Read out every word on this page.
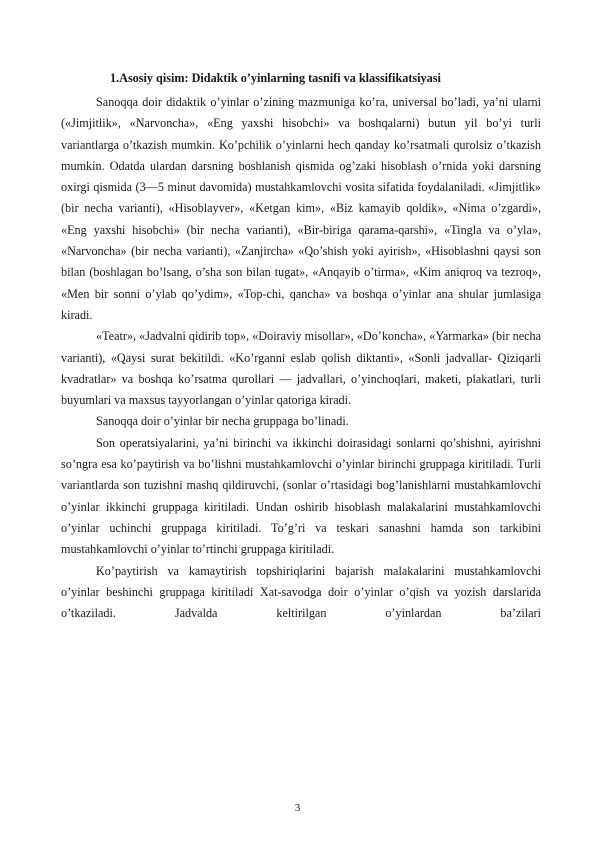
1.Asosiy qisim: Didaktik o’yinlarning tasnifi va klassifikatsiyasi

Sanoqqa doir didaktik o’yinlar o’zining mazmuniga ko’ra, universal bo’ladi, ya’ni ularni («Jimjitlik», «Narvoncha», «Eng yaxshi hisobchi» va boshqalarni) butun yil bo’yi turli variantlarga o’tkazish mumkin. Ko’pchilik o’yinlarni hech qanday ko’rsatmali qurolsiz o’tkazish mumkin. Odatda ulardan darsning boshlanish qismida og’zaki hisoblash o’rnida yoki darsning oxirgi qismida (3—5 minut davomida) mustahkamlovchi vosita sifatida foydalaniladi. «Jimjitlik» (bir necha varianti), «Hisoblayver», «Ketgan kim», «Biz kamayib qoldik», «Nima o’zgardi», «Eng yaxshi hisobchi» (bir necha varianti), «Bir-biriga qarama-qarshi», «Tingla va o’yla», «Narvoncha» (bir necha varianti), «Zanjircha» «Qo’shish yoki ayirish», «Hisoblashni qaysi son bilan (boshlagan bo’lsang, o’sha son bilan tugat», «Anqayib o’tirma», «Kim aniqroq va tezroq», «Men bir sonni o’ylab qo’ydim», «Top-chi, qancha» va boshqa o’yinlar ana shular jumlasiga kiradi.

«Teatr», «Jadvalni qidirib top», «Doiraviy misollar», «Do’koncha», «Yarmarka» (bir necha varianti), «Qaysi surat bekitildi. «Ko’rganni eslab qolish diktanti», «Sonli jadvallar- Qiziqarli kvadratlar» va boshqa ko’rsatma qurollari — jadvallari, o’yinchoqlari, maketi, plakatlari, turli buyumlari va maxsus tayyorlangan o’yinlar qatoriga kiradi.

Sanoqqa doir o’yinlar bir necha gruppaga bo’linadi.

Son operatsiyalarini, ya’ni birinchi va ikkinchi doirasidagi sonlarni qo’shishni, ayirishni so’ngra esa ko’paytirish va bo’lishni mustahkamlovchi o’yinlar birinchi gruppaga kiritiladi. Turli variantlarda son tuzishni mashq qildiruvchi, (sonlar o’rtasidagi bog’lanishlarni mustahkamlovchi o’yinlar ikkinchi gruppaga kiritiladi. Undan oshirib hisoblash malakalarini mustahkamlovchi o’yinlar uchinchi gruppaga kiritiladi. To’g’ri va teskari sanashni hamda son tarkibini mustahkamlovchi o’yinlar to’rtinchi gruppaga kiritiladi.

Ko’paytirish va kamaytirish topshiriqlarini bajarish malakalarini mustahkamlovchi o’yinlar beshinchi gruppaga kiritiladi Xat-savodga doir o’yinlar o’qish va yozish darslarida o’tkaziladi. Jadvalda keltirilgan o’yinlardan ba’zilari

3
